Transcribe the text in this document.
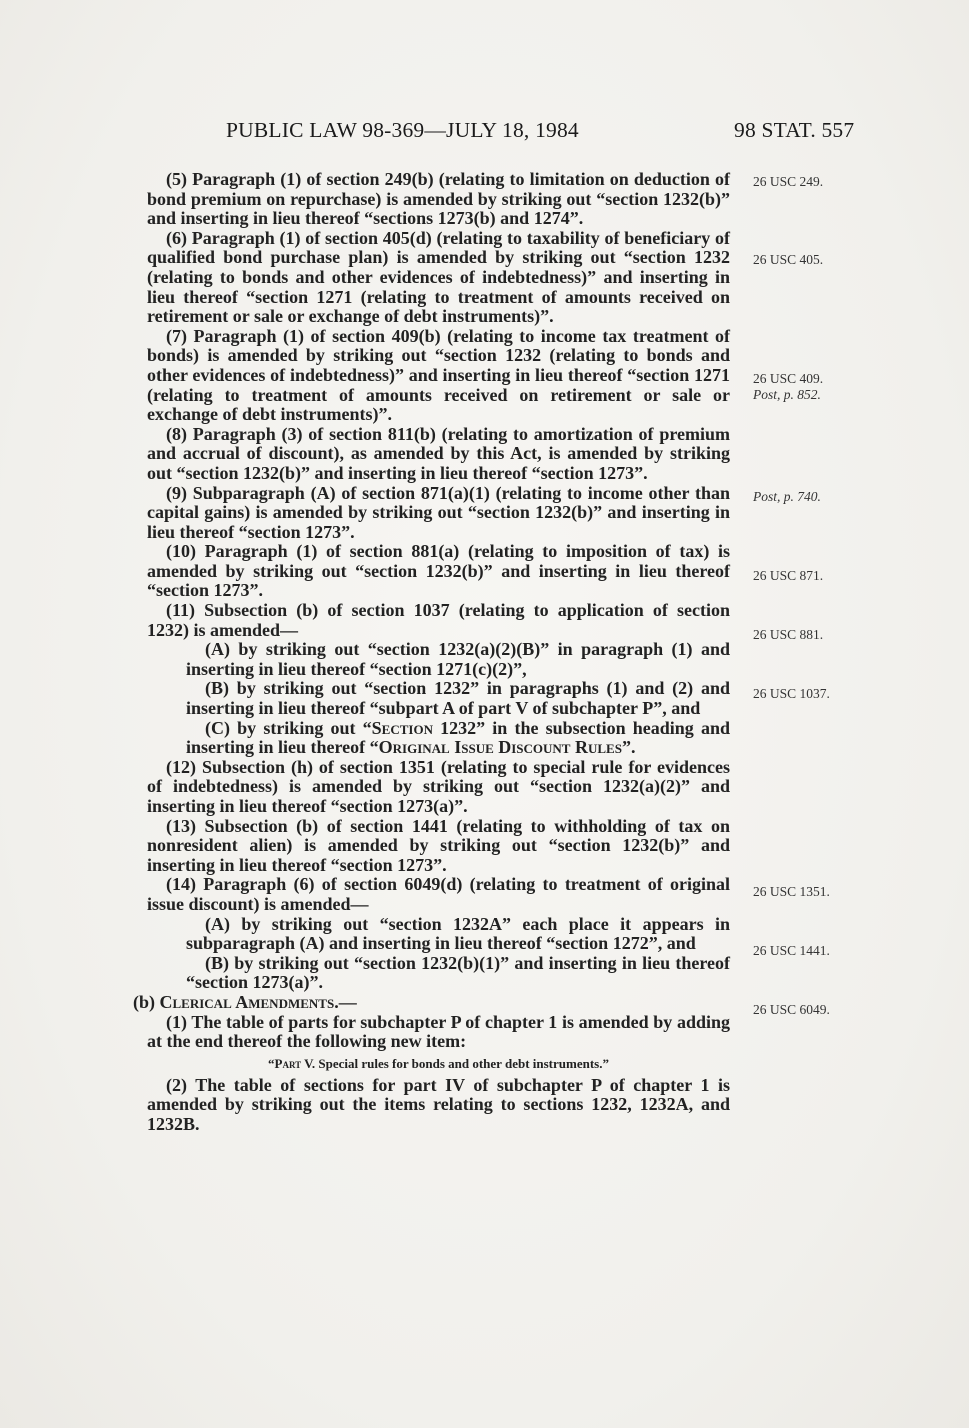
PUBLIC LAW 98-369—JULY 18, 1984	98 STAT. 557

(5) Paragraph (1) of section 249(b) (relating to limitation on deduction of bond premium on repurchase) is amended by striking out “section 1232(b)” and inserting in lieu thereof “sections 1273(b) and 1274”.

(6) Paragraph (1) of section 405(d) (relating to taxability of beneficiary of qualified bond purchase plan) is amended by striking out “section 1232 (relating to bonds and other evidences of indebtedness)” and inserting in lieu thereof “section 1271 (relating to treatment of amounts received on retirement or sale or exchange of debt instruments)”.

(7) Paragraph (1) of section 409(b) (relating to income tax treatment of bonds) is amended by striking out “section 1232 (relating to bonds and other evidences of indebtedness)” and inserting in lieu thereof “section 1271 (relating to treatment of amounts received on retirement or sale or exchange of debt instruments)”.

(8) Paragraph (3) of section 811(b) (relating to amortization of premium and accrual of discount), as amended by this Act, is amended by striking out “section 1232(b)” and inserting in lieu thereof “section 1273”.

(9) Subparagraph (A) of section 871(a)(1) (relating to income other than capital gains) is amended by striking out “section 1232(b)” and inserting in lieu thereof “section 1273”.

(10) Paragraph (1) of section 881(a) (relating to imposition of tax) is amended by striking out “section 1232(b)” and inserting in lieu thereof “section 1273”.

(11) Subsection (b) of section 1037 (relating to application of section 1232) is amended—

(A) by striking out “section 1232(a)(2)(B)” in paragraph (1) and inserting in lieu thereof “section 1271(c)(2)”,

(B) by striking out “section 1232” in paragraphs (1) and (2) and inserting in lieu thereof “subpart A of part V of subchapter P”, and

(C) by striking out “Section 1232” in the subsection heading and inserting in lieu thereof “Original Issue Discount Rules”.

(12) Subsection (h) of section 1351 (relating to special rule for evidences of indebtedness) is amended by striking out “section 1232(a)(2)” and inserting in lieu thereof “section 1273(a)”.

(13) Subsection (b) of section 1441 (relating to withholding of tax on nonresident alien) is amended by striking out “section 1232(b)” and inserting in lieu thereof “section 1273”.

(14) Paragraph (6) of section 6049(d) (relating to treatment of original issue discount) is amended—

(A) by striking out “section 1232A” each place it appears in subparagraph (A) and inserting in lieu thereof “section 1272”, and

(B) by striking out “section 1232(b)(1)” and inserting in lieu thereof “section 1273(a)”.

(b) Clerical Amendments.—

(1) The table of parts for subchapter P of chapter 1 is amended by adding at the end thereof the following new item:

“Part V. Special rules for bonds and other debt instruments.”

(2) The table of sections for part IV of subchapter P of chapter 1 is amended by striking out the items relating to sections 1232, 1232A, and 1232B.

26 USC 249.
26 USC 405.
26 USC 409.
Post, p. 852.
Post, p. 740.
26 USC 871.
26 USC 881.
26 USC 1037.
26 USC 1351.
26 USC 1441.
26 USC 6049.
